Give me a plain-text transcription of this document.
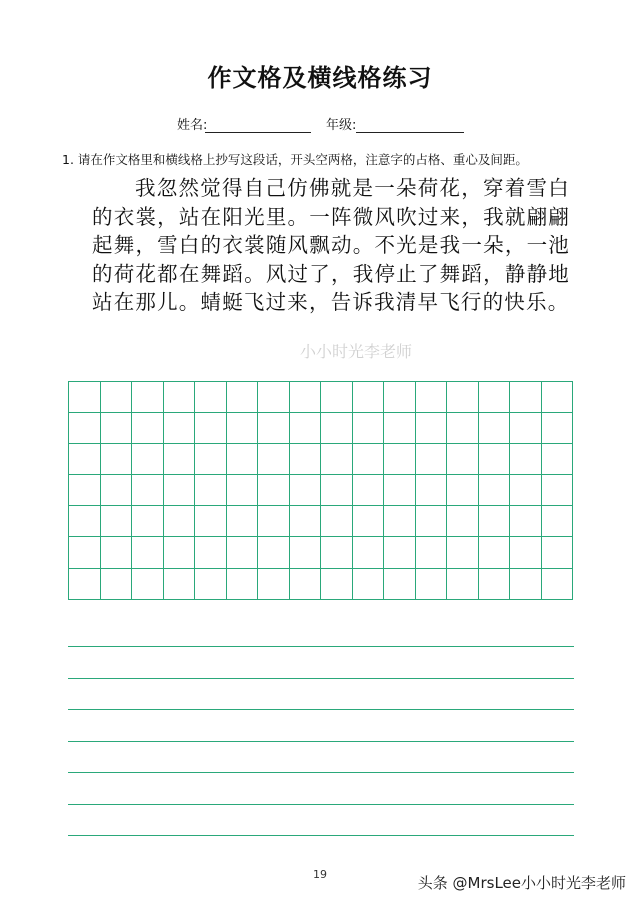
作文格及横线格练习
姓名:	年级:
1. 请在作文格里和横线格上抄写这段话，开头空两格，注意字的占格、重心及间距。

我忽然觉得自己仿佛就是一朵荷花，穿着雪白的衣裳，站在阳光里。一阵微风吹过来，我就翩翩起舞，雪白的衣裳随风飘动。不光是我一朵，一池的荷花都在舞蹈。风过了，我停止了舞蹈，静静地站在那儿。蜻蜓飞过来，告诉我清早飞行的快乐。

小小时光李老师
19	头条 @MrsLee小小时光李老师
